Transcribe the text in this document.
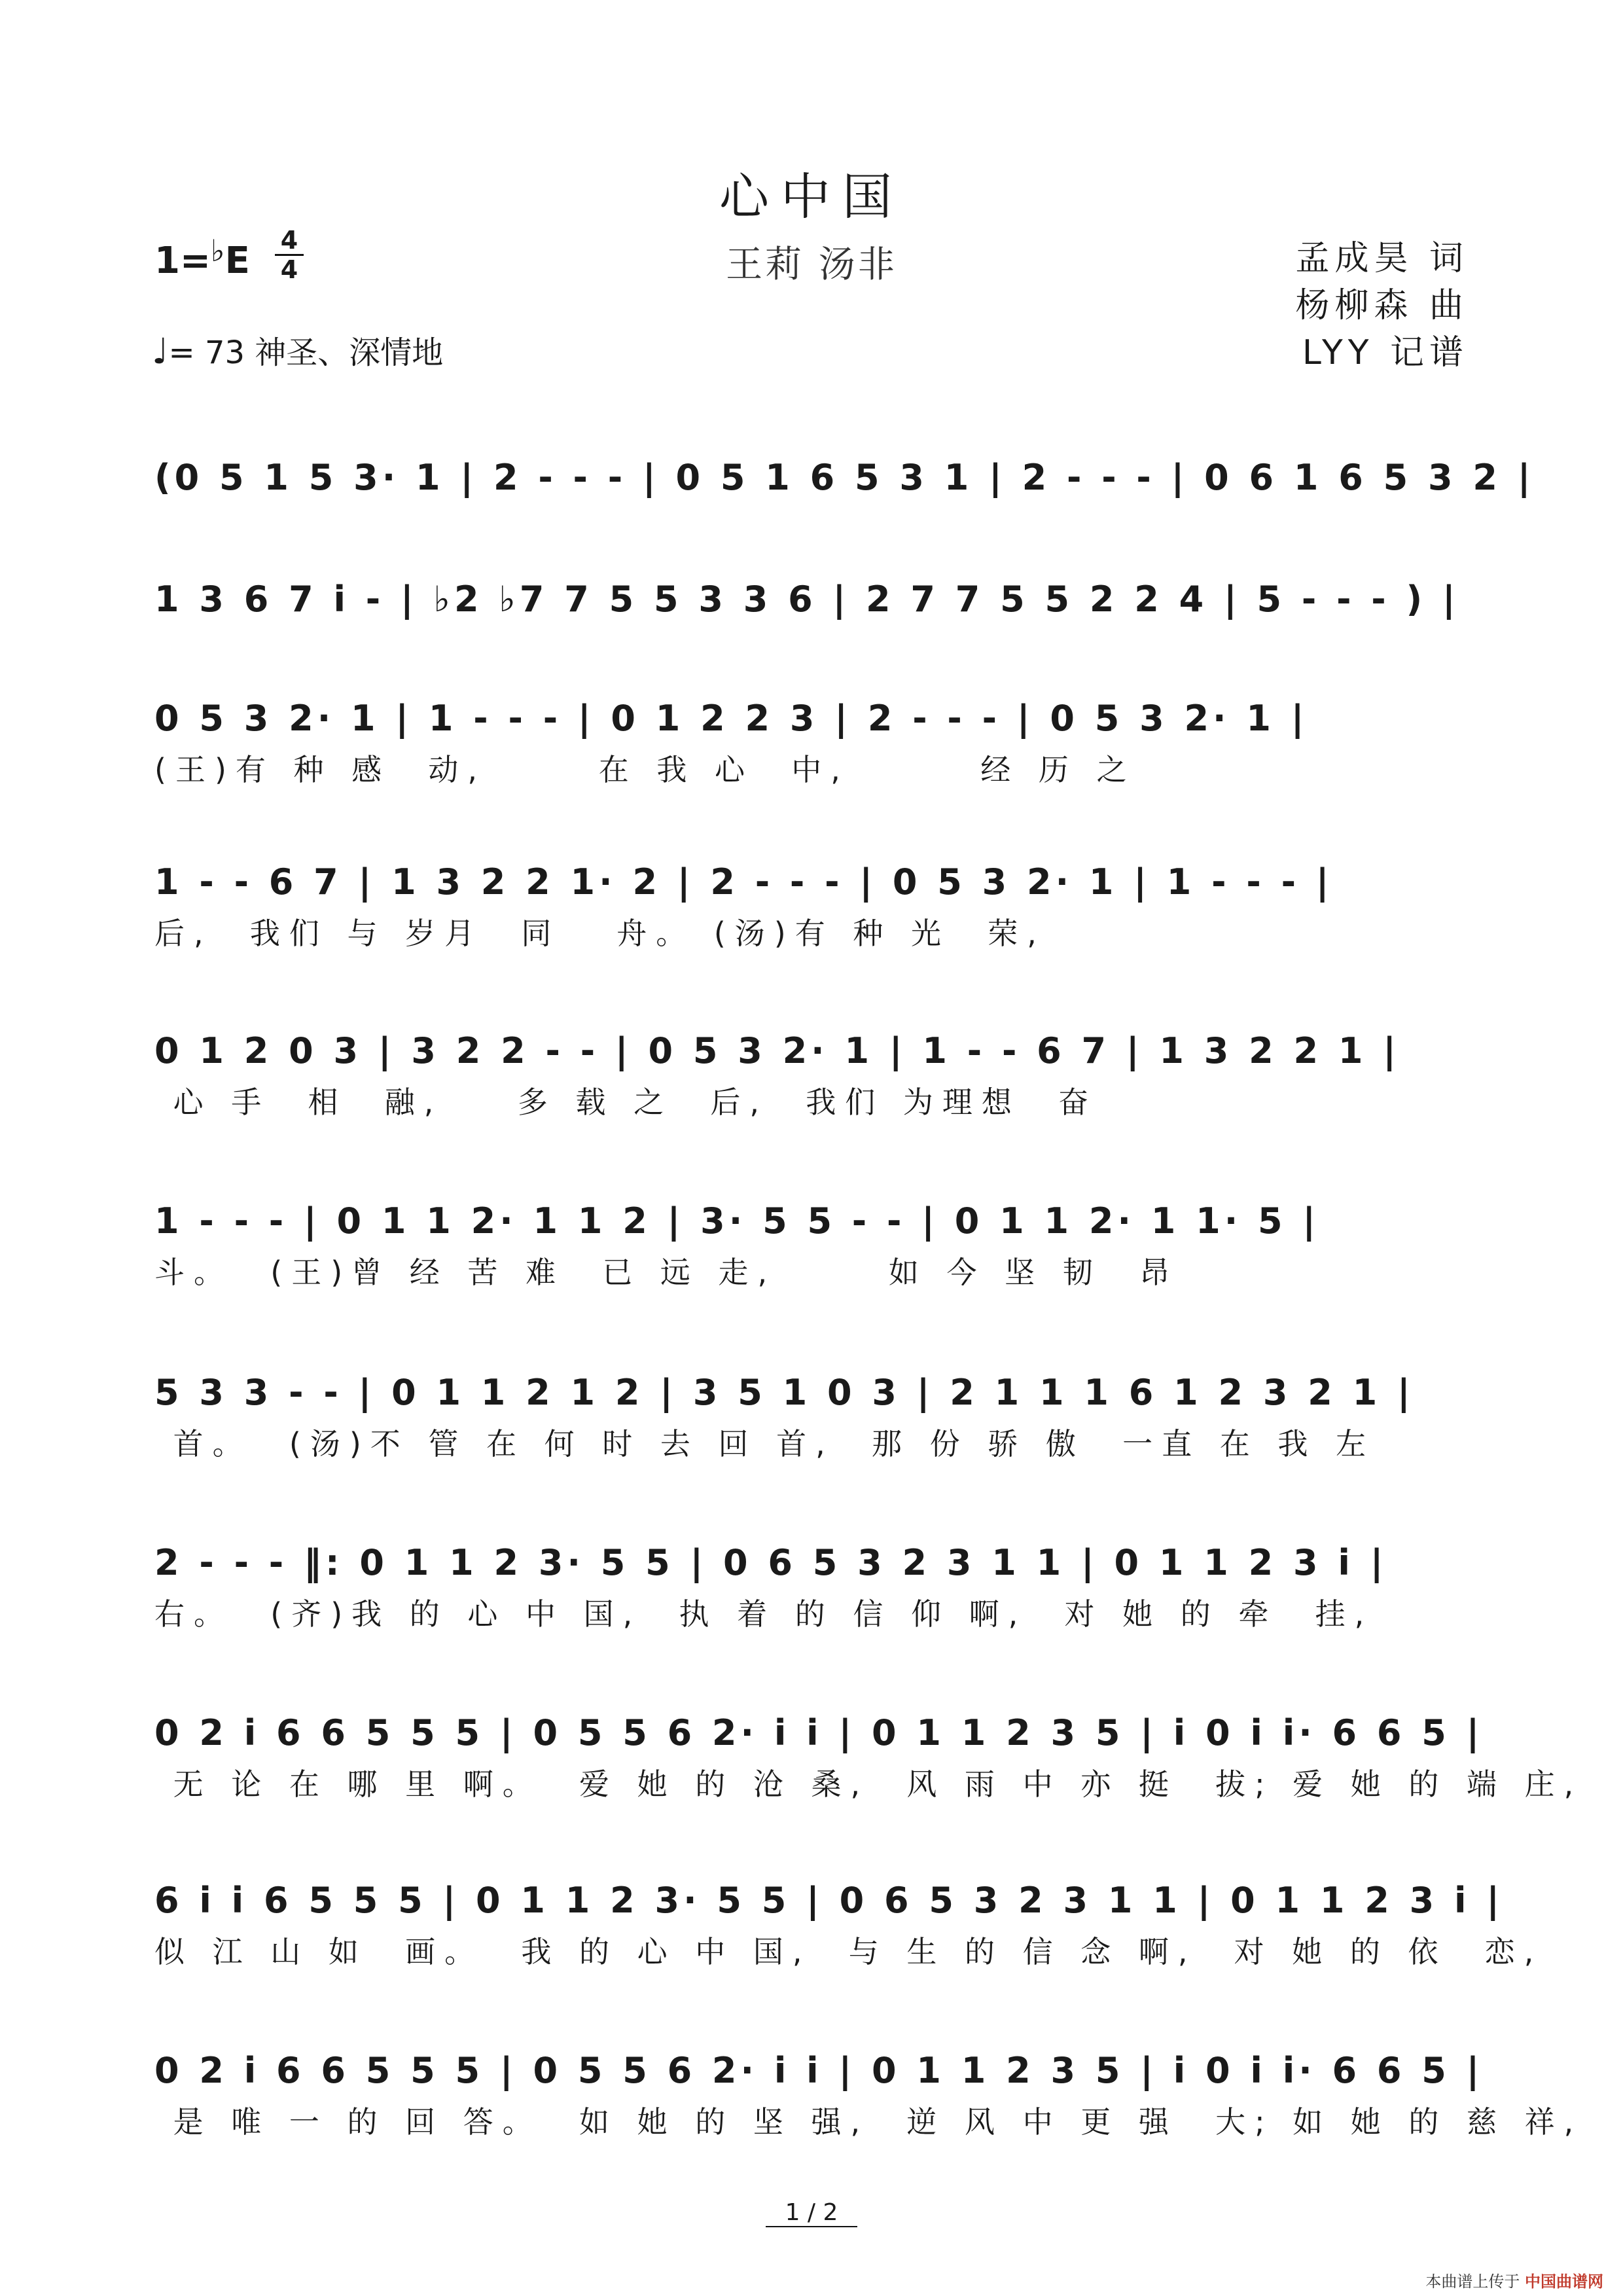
心中国
1=♭E 4
4	王莉 汤非	孟成昊 词
杨柳森 曲
LYY 记谱
♩= 73 神圣、深情地
(0 5 1 5 3· 1 | 2 - - - | 0 5 1 6 5 3 1 | 2 - - - | 0 6 1 6 5 3 2 |
1 3 6 7 i - | ♭2 ♭7 7 5 5 3 3 6 | 2 7 7 5 5 2 2 4 | 5 - - - ) |
0 5 3 2· 1 | 1 - - - | 0 1 2 2 3 | 2 - - - | 0 5 3 2· 1 |
(王)有 种 感  动,      在 我 心  中,       经 历 之
1 - - 6 7 | 1 3 2 2 1· 2 | 2 - - - | 0 5 3 2· 1 | 1 - - - |
后,  我们 与 岁月  同   舟。 (汤)有 种 光  荣,
0 1 2 0 3 | 3 2 2 - - | 0 5 3 2· 1 | 1 - - 6 7 | 1 3 2 2 1 |
心 手  相  融,    多 载 之  后,  我们 为理想  奋
1 - - - | 0 1 1 2· 1 1 2 | 3· 5 5 - - | 0 1 1 2· 1 1· 5 |
斗。  (王)曾 经 苦 难  已 远 走,      如 今 坚 韧  昂
5 3 3 - - | 0 1 1 2 1 2 | 3 5 1 0 3 | 2 1 1 1 6 1 2 3 2 1 |
首。  (汤)不 管 在 何 时 去 回 首,  那 份 骄 傲  一直 在 我 左
2 - - - ‖: 0 1 1 2 3· 5 5 | 0 6 5 3 2 3 1 1 | 0 1 1 2 3 i |
右。  (齐)我 的 心 中 国,  执 着 的 信 仰 啊,  对 她 的 牵  挂,
0 2 i 6 6 5 5 5 | 0 5 5 6 2· i i | 0 1 1 2 3 5 | i 0 i i· 6 6 5 |
无 论 在 哪 里 啊。  爱 她 的 沧 桑,  风 雨 中 亦 挺  拔; 爱 她 的 端 庄,
6 i i 6 5 5 5 | 0 1 1 2 3· 5 5 | 0 6 5 3 2 3 1 1 | 0 1 1 2 3 i |
似 江 山 如  画。  我 的 心 中 国,  与 生 的 信 念 啊,  对 她 的 依  恋,
0 2 i 6 6 5 5 5 | 0 5 5 6 2· i i | 0 1 1 2 3 5 | i 0 i i· 6 6 5 |
是 唯 一 的 回 答。  如 她 的 坚 强,  逆 风 中 更 强  大; 如 她 的 慈 祥,
1 / 2
本曲谱上传于 中国曲谱网
